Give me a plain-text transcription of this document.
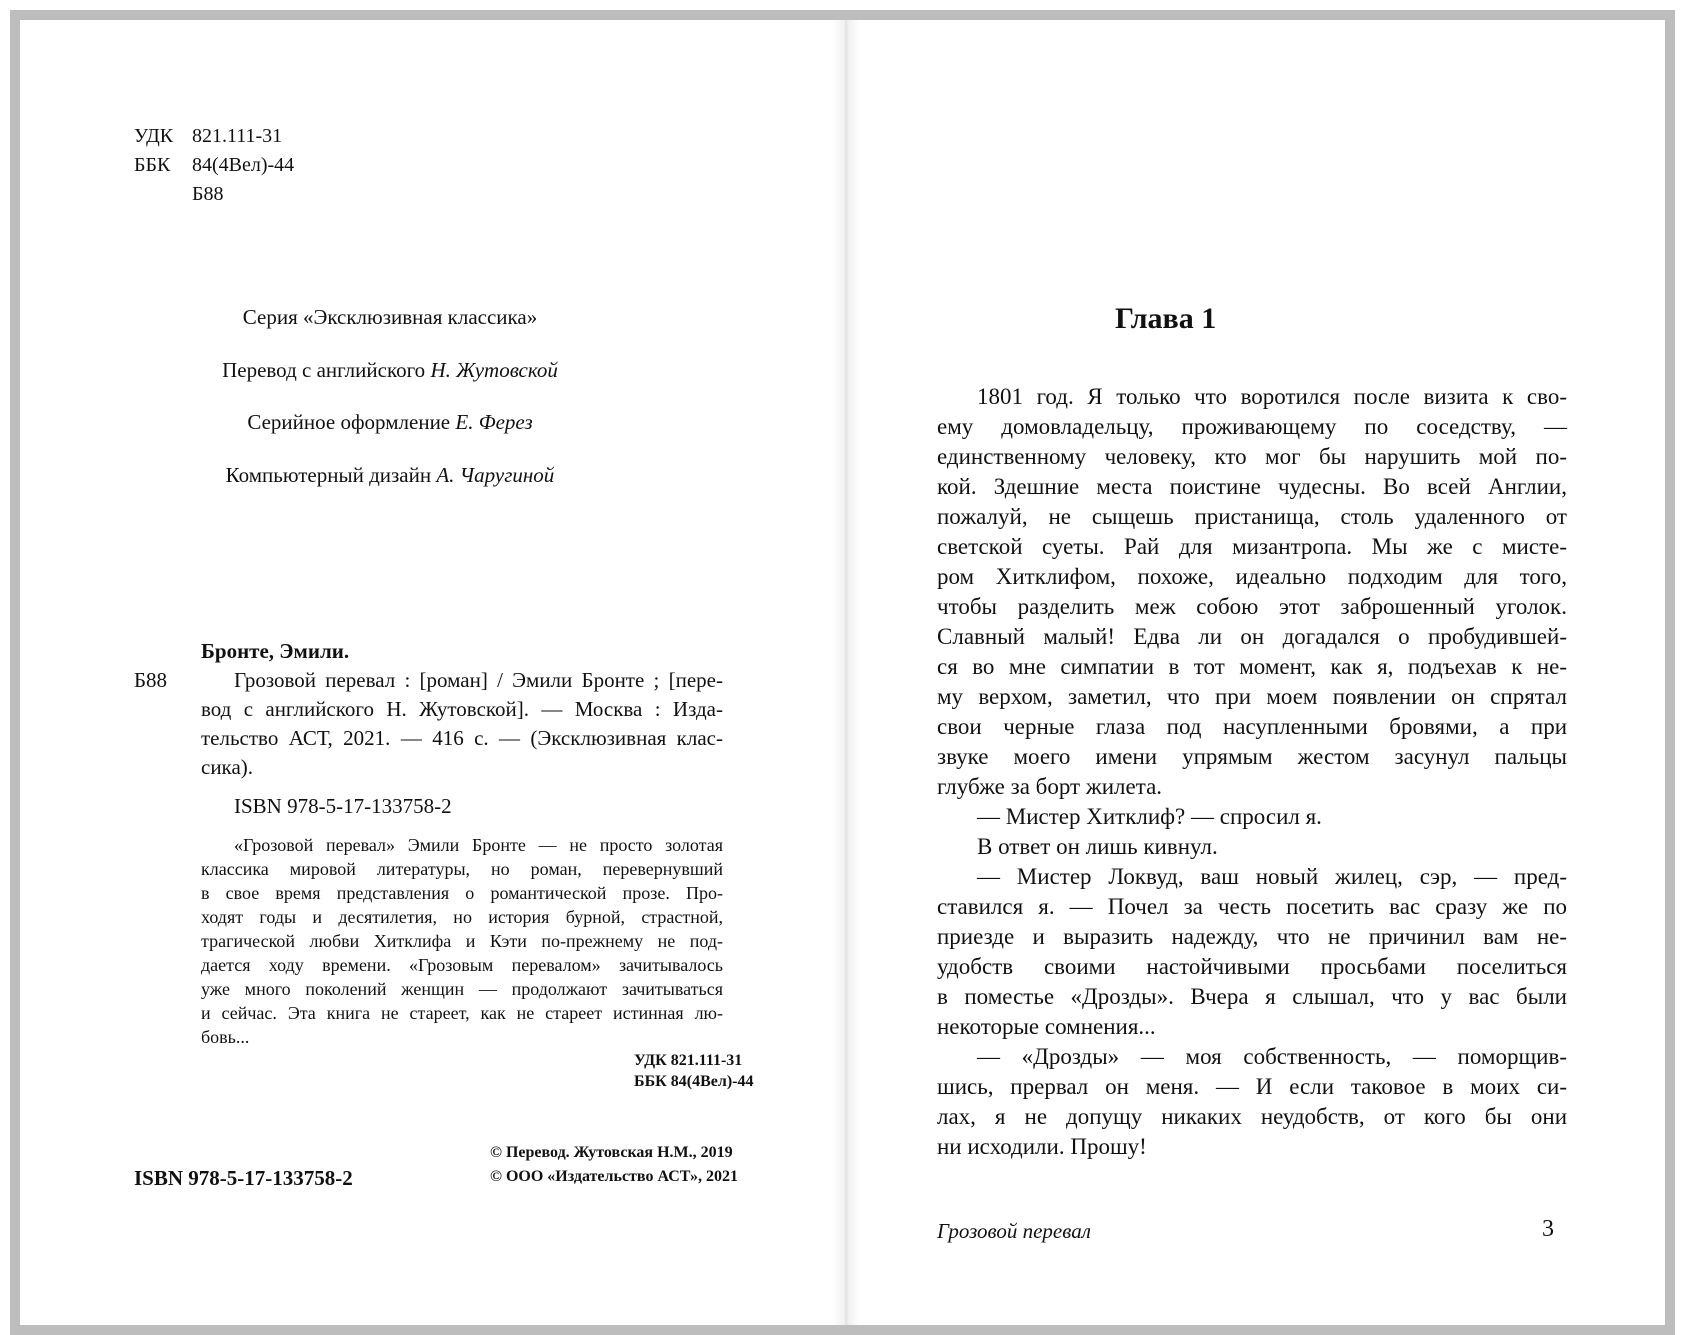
УДК 821.111-31
ББК 84(4Вел)-44
Б88
Серия «Эксклюзивная классика»
Перевод с английского Н. Жутовской
Серийное оформление Е. Ферез
Компьютерный дизайн А. Чаругиной
Бронте, Эмили.
Б88	Грозовой перевал : [роман] / Эмили Бронте ; [пере-
вод с английского Н. Жутовской]. — Москва : Изда-
тельство АСТ, 2021. — 416 с. — (Эксклюзивная клас-
сика).
ISBN 978-5-17-133758-2
«Грозовой перевал» Эмили Бронте — не просто золотая
классика мировой литературы, но роман, перевернувший
в свое время представления о романтической прозе. Про-
ходят годы и десятилетия, но история бурной, страстной,
трагической любви Хитклифа и Кэти по-прежнему не под-
дается ходу времени. «Грозовым перевалом» зачитывалось
уже много поколений женщин — продолжают зачитываться
и сейчас. Эта книга не стареет, как не стареет истинная лю-
бовь...
УДК 821.111-31
ББК 84(4Вел)-44
ISBN 978-5-17-133758-2
© Перевод. Жутовская Н.М., 2019
© ООО «Издательство АСТ», 2021
Глава 1
1801 год. Я только что воротился после визита к сво-
ему домовладельцу, проживающему по соседству, —
единственному человеку, кто мог бы нарушить мой по-
кой. Здешние места поистине чудесны. Во всей Англии,
пожалуй, не сыщешь пристанища, столь удаленного от
светской суеты. Рай для мизантропа. Мы же с мисте-
ром Хитклифом, похоже, идеально подходим для того,
чтобы разделить меж собою этот заброшенный уголок.
Славный малый! Едва ли он догадался о пробудившей-
ся во мне симпатии в тот момент, как я, подъехав к не-
му верхом, заметил, что при моем появлении он спрятал
свои черные глаза под насупленными бровями, а при
звуке моего имени упрямым жестом засунул пальцы
глубже за борт жилета.
— Мистер Хитклиф? — спросил я.
В ответ он лишь кивнул.
— Мистер Локвуд, ваш новый жилец, сэр, — пред-
ставился я. — Почел за честь посетить вас сразу же по
приезде и выразить надежду, что не причинил вам не-
удобств своими настойчивыми просьбами поселиться
в поместье «Дрозды». Вчера я слышал, что у вас были
некоторые сомнения...
— «Дрозды» — моя собственность, — поморщив-
шись, прервал он меня. — И если таковое в моих си-
лах, я не допущу никаких неудобств, от кого бы они
ни исходили. Прошу!
Грозовой перевал	3
